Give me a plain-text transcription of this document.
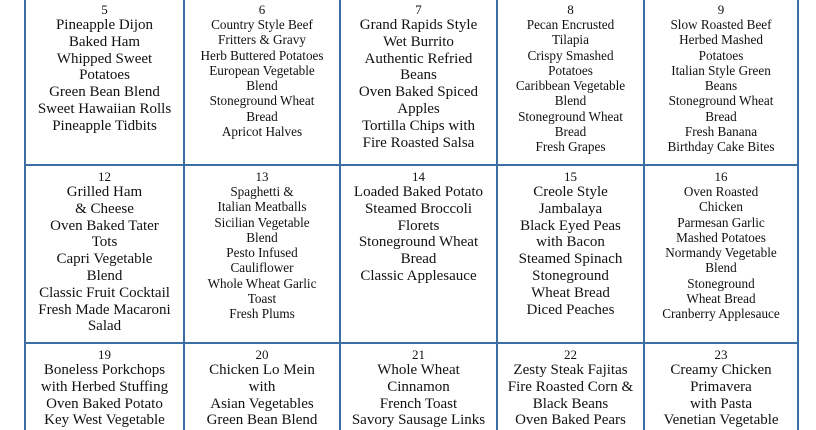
5
Pineapple Dijon
Baked Ham
Whipped Sweet
Potatoes
Green Bean Blend
Sweet Hawaiian Rolls
Pineapple Tidbits
6
Country Style Beef
Fritters & Gravy
Herb Buttered Potatoes
European Vegetable
Blend
Stoneground Wheat
Bread
Apricot Halves
7
Grand Rapids Style
Wet Burrito
Authentic Refried
Beans
Oven Baked Spiced
Apples
Tortilla Chips with
Fire Roasted Salsa
8
Pecan Encrusted
Tilapia
Crispy Smashed
Potatoes
Caribbean Vegetable
Blend
Stoneground Wheat
Bread
Fresh Grapes
9
Slow Roasted Beef
Herbed Mashed
Potatoes
Italian Style Green
Beans
Stoneground Wheat
Bread
Fresh Banana
Birthday Cake Bites
12
Grilled Ham
& Cheese
Oven Baked Tater
Tots
Capri Vegetable
Blend
Classic Fruit Cocktail
Fresh Made Macaroni
Salad
13
Spaghetti &
Italian Meatballs
Sicilian Vegetable
Blend
Pesto Infused
Cauliflower
Whole Wheat Garlic
Toast
Fresh Plums
14
Loaded Baked Potato
Steamed Broccoli
Florets
Stoneground Wheat
Bread
Classic Applesauce
15
Creole Style
Jambalaya
Black Eyed Peas
with Bacon
Steamed Spinach
Stoneground
Wheat Bread
Diced Peaches
16
Oven Roasted
Chicken
Parmesan Garlic
Mashed Potatoes
Normandy Vegetable
Blend
Stoneground
Wheat Bread
Cranberry Applesauce
19
Boneless Porkchops
with Herbed Stuffing
Oven Baked Potato
Key West Vegetable
20
Chicken Lo Mein
with
Asian Vegetables
Green Bean Blend
21
Whole Wheat
Cinnamon
French Toast
Savory Sausage Links
22
Zesty Steak Fajitas
Fire Roasted Corn &
Black Beans
Oven Baked Pears
23
Creamy Chicken
Primavera
with Pasta
Venetian Vegetable
